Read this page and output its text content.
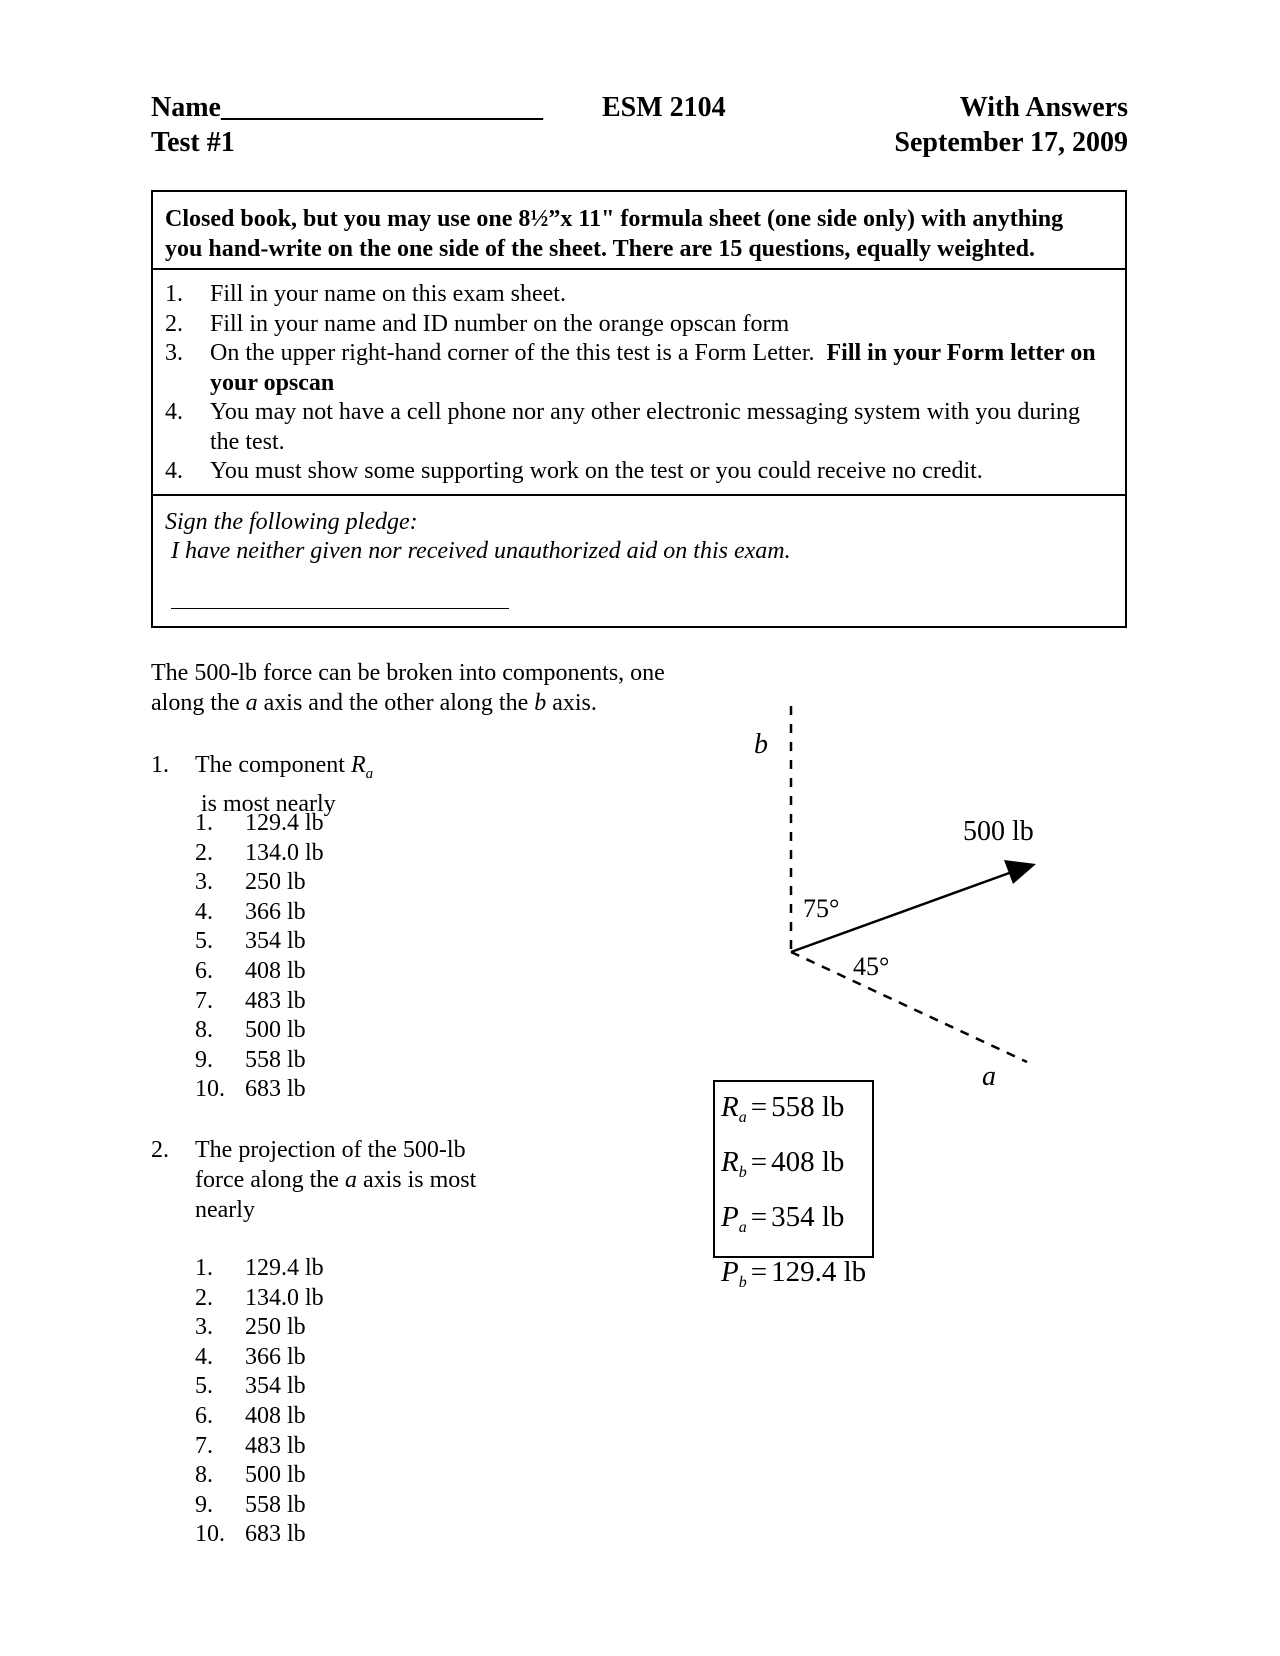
Name_______________________
Test #1
ESM 2104	With Answers
September 17, 2009
Closed book, but you may use one 8½”x 11" formula sheet (one side only) with anything
you hand-write on the one side of the sheet. There are 15 questions, equally weighted.
1. Fill in your name on this exam sheet.
2. Fill in your name and ID number on the orange opscan form
3. On the upper right-hand corner of the this test is a Form Letter.  Fill in your Form letter on your opscan
4. You may not have a cell phone nor any other electronic messaging system with you during the test.
4. You must show some supporting work on the test or you could receive no credit.
Sign the following pledge:
I have neither given nor received unauthorized aid on this exam.
The 500-lb force can be broken into components, one along the a axis and the other along the b axis.
1.	The component $R_a$ is most nearly
1. 129.4 lb
2. 134.0 lb
3. 250 lb
4. 366 lb
5. 354 lb
6. 408 lb
7. 483 lb
8. 500 lb
9. 558 lb
10. 683 lb
2.	The projection of the 500-lb force along the a axis is most nearly
1. 129.4 lb
2. 134.0 lb
3. 250 lb
4. 366 lb
5. 354 lb
6. 408 lb
7. 483 lb
8. 500 lb
9. 558 lb
10. 683 lb
b
a
500 lb
75°
45°
$R_a = 558$ lb
$R_b = 408$ lb
$P_a = 354$ lb
$P_b = 129.4$ lb
